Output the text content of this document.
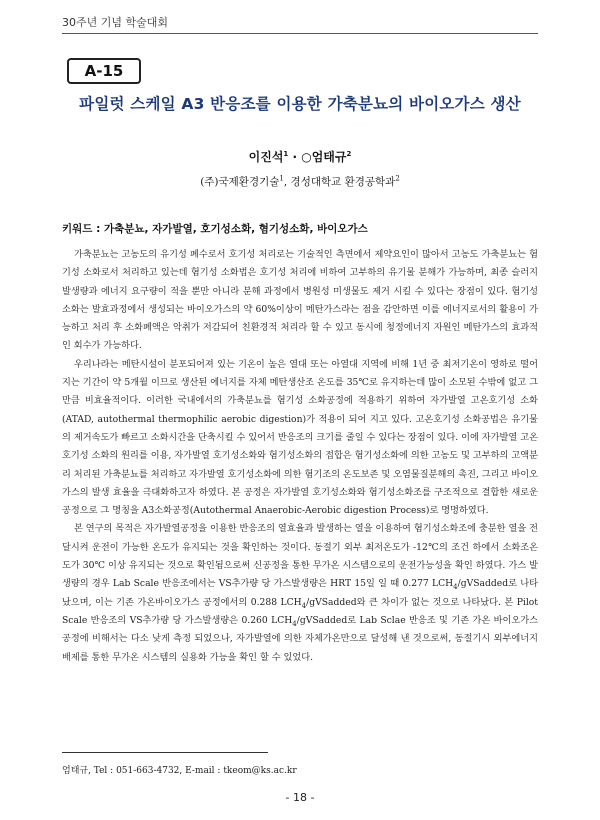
30주년 기념 학술대회
A-15
파일럿 스케일 A3 반응조를 이용한 가축분뇨의 바이오가스 생산
이진석$^1$ · ○엄태규$^2$
(주)국제환경기술$^1$, 경성대학교 환경공학과$^2$
키워드 : 가축분뇨, 자가발열, 호기성소화, 혐기성소화, 바이오가스

가축분뇨는 고농도의 유기성 폐수로서 호기성 처리로는 기술적인 측면에서 제약요인이 많아서 고농도 가축분뇨는 혐기성 소화로서 처리하고 있는데 혐기성 소화법은 호기성 처리에 비하여 고부하의 유기물 분해가 가능하며, 최종 슬러지 발생량과 에너지 요구량이 적을 뿐만 아니라 분해 과정에서 병원성 미생물도 제거 시킬 수 있다는 장점이 있다. 혐기성 소화는 발효과정에서 생성되는 바이오가스의 약 60%이상이 메탄가스라는 점을 감안하면 이를 에너지로서의 활용이 가능하고 처리 후 소화폐액은 악취가 저감되어 친환경적 처리라 할 수 있고 동시에 청정에너지 자원인 메탄가스의 효과적인 회수가 가능하다.

우리나라는 메탄시설이 분포되어져 있는 기온이 높은 열대 또는 아열대 지역에 비해 1년 중 최저기온이 영하로 떨어지는 기간이 약 5개월 이므로 생산된 에너지를 자체 메탄생산조 온도를 35℃로 유지하는데 많이 소모된 수밖에 없고 그만큼 비효율적이다. 이러한 국내에서의 가축분뇨를 혐기성 소화공정에 적용하기 위하여 자가발열 고온호기성 소화(ATAD, autothermal thermophilic aerobic digestion)가 적용이 되어 지고 있다. 고온호기성 소화공법은 유기물의 제거속도가 빠르고 소화시간을 단축시킬 수 있어서 반응조의 크기를 줄일 수 있다는 장점이 있다. 이에 자가발열 고온호기성 소화의 원리를 이용, 자가발열 호기성소화와 혐기성소화의 접합은 혐기성소화에 의한 고농도 및 고부하의 고액분리 처리된 가축분뇨를 처리하고 자가발열 호기성소화에 의한 혐기조의 온도보존 및 오염물질분해의 촉진, 그리고 바이오가스의 발생 효율을 극대화하고자 하였다. 본 공정은 자가발열 호기성소화와 혐기성소화조를 구조적으로 결합한 새로운 공정으로 그 명칭을 A3소화공정(Autothermal Anaerobic-Aerobic digestion Process)로 명명하였다.

본 연구의 목적은 자가발열공정을 이용한 반응조의 열효율과 발생하는 열을 이용하여 혐기성소화조에 충분한 열을 전달시켜 운전이 가능한 온도가 유지되는 것을 확인하는 것이다. 동절기 외부 최저온도가 -12℃의 조건 하에서 소화조온도가 30℃ 이상 유지되는 것으로 확인됨으로써 신공정을 통한 무가온 시스템으로의 운전가능성을 확인 하였다. 가스 발생량의 경우 Lab Scale 반응조에서는 VS추가량 당 가스발생량은 HRT 15일 일 때 0.277 $LCH_4$/gVSadded로 나타났으며, 이는 기존 가온바이오가스 공정에서의 0.288 $LCH_4$/gVSadded와 큰 차이가 없는 것으로 나타났다. 본 Pilot Scale 반응조의 VS추가량 당 가스발생량은 0.260 $LCH_4$/gVSadded로 Lab Sclae 반응조 및 기존 가온 바이오가스 공정에 비해서는 다소 낮게 측정 되었으나, 자가발열에 의한 자체가온만으로 달성해 낸 것으로써, 동절기시 외부에너지 배제를 통한 무가온 시스템의 실용화 가능을 확인 할 수 있었다.

엄태규, Tel : 051-663-4732, E-mail : tkeom@ks.ac.kr
- 18 -
